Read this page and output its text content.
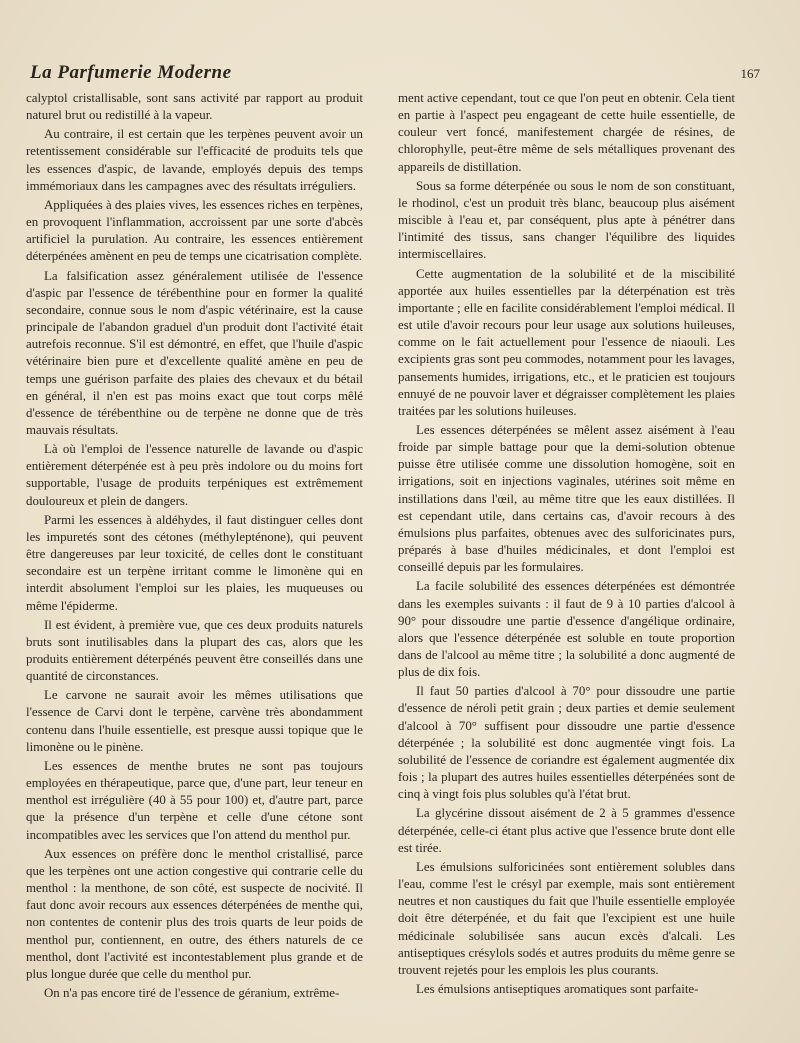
La Parfumerie Moderne	167

calyptol cristallisable, sont sans activité par rapport au produit naturel brut ou redistillé à la vapeur.

Au contraire, il est certain que les terpènes peuvent avoir un retentissement considérable sur l'efficacité de produits tels que les essences d'aspic, de lavande, employés depuis des temps immémoriaux dans les campagnes avec des résultats irréguliers.

Appliquées à des plaies vives, les essences riches en terpènes, en provoquent l'inflammation, accroissent par une sorte d'abcès artificiel la purulation. Au contraire, les essences entièrement déterpénées amènent en peu de temps une cicatrisation complète.

La falsification assez généralement utilisée de l'essence d'aspic par l'essence de térébenthine pour en former la qualité secondaire, connue sous le nom d'aspic vétérinaire, est la cause principale de l'abandon graduel d'un produit dont l'activité était autrefois reconnue. S'il est démontré, en effet, que l'huile d'aspic vétérinaire bien pure et d'excellente qualité amène en peu de temps une guérison parfaite des plaies des chevaux et du bétail en général, il n'en est pas moins exact que tout corps mêlé d'essence de térébenthine ou de terpène ne donne que de très mauvais résultats.

Là où l'emploi de l'essence naturelle de lavande ou d'aspic entièrement déterpénée est à peu près indolore ou du moins fort supportable, l'usage de produits terpéniques est extrêmement douloureux et plein de dangers.

Parmi les essences à aldéhydes, il faut distinguer celles dont les impuretés sont des cétones (méthylepténone), qui peuvent être dangereuses par leur toxicité, de celles dont le constituant secondaire est un terpène irritant comme le limonène qui en interdit absolument l'emploi sur les plaies, les muqueuses ou même l'épiderme.

Il est évident, à première vue, que ces deux produits naturels bruts sont inutilisables dans la plupart des cas, alors que les produits entièrement déterpénés peuvent être conseillés dans une quantité de circonstances.

Le carvone ne saurait avoir les mêmes utilisations que l'essence de Carvi dont le terpène, carvène très abondamment contenu dans l'huile essentielle, est presque aussi topique que le limonène ou le pinène.

Les essences de menthe brutes ne sont pas toujours employées en thérapeutique, parce que, d'une part, leur teneur en menthol est irrégulière (40 à 55 pour 100) et, d'autre part, parce que la présence d'un terpène et celle d'une cétone sont incompatibles avec les services que l'on attend du menthol pur.

Aux essences on préfère donc le menthol cristallisé, parce que les terpènes ont une action congestive qui contrarie celle du menthol : la menthone, de son côté, est suspecte de nocivité. Il faut donc avoir recours aux essences déterpénées de menthe qui, non contentes de contenir plus des trois quarts de leur poids de menthol pur, contiennent, en outre, des éthers naturels de ce menthol, dont l'activité est incontestablement plus grande et de plus longue durée que celle du menthol pur.

On n'a pas encore tiré de l'essence de géranium, extrême-

ment active cependant, tout ce que l'on peut en obtenir. Cela tient en partie à l'aspect peu engageant de cette huile essentielle, de couleur vert foncé, manifestement chargée de résines, de chlorophylle, peut-être même de sels métalliques provenant des appareils de distillation.

Sous sa forme déterpénée ou sous le nom de son constituant, le rhodinol, c'est un produit très blanc, beaucoup plus aisément miscible à l'eau et, par conséquent, plus apte à pénétrer dans l'intimité des tissus, sans changer l'équilibre des liquides intermiscellaires.

Cette augmentation de la solubilité et de la miscibilité apportée aux huiles essentielles par la déterpénation est très importante ; elle en facilite considérablement l'emploi médical. Il est utile d'avoir recours pour leur usage aux solutions huileuses, comme on le fait actuellement pour l'essence de niaouli. Les excipients gras sont peu commodes, notamment pour les lavages, pansements humides, irrigations, etc., et le praticien est toujours ennuyé de ne pouvoir laver et dégraisser complètement les plaies traitées par les solutions huileuses.

Les essences déterpénées se mêlent assez aisément à l'eau froide par simple battage pour que la demi-solution obtenue puisse être utilisée comme une dissolution homogène, soit en irrigations, soit en injections vaginales, utérines soit même en instillations dans l'œil, au même titre que les eaux distillées. Il est cependant utile, dans certains cas, d'avoir recours à des émulsions plus parfaites, obtenues avec des sulforicinates purs, préparés à base d'huiles médicinales, et dont l'emploi est conseillé depuis par les formulaires.

La facile solubilité des essences déterpénées est démontrée dans les exemples suivants : il faut de 9 à 10 parties d'alcool à 90° pour dissoudre une partie d'essence d'angélique ordinaire, alors que l'essence déterpénée est soluble en toute proportion dans de l'alcool au même titre ; la solubilité a donc augmenté de plus de dix fois.

Il faut 50 parties d'alcool à 70° pour dissoudre une partie d'essence de néroli petit grain ; deux parties et demie seulement d'alcool à 70° suffisent pour dissoudre une partie d'essence déterpénée ; la solubilité est donc augmentée vingt fois. La solubilité de l'essence de coriandre est également augmentée dix fois ; la plupart des autres huiles essentielles déterpénées sont de cinq à vingt fois plus solubles qu'à l'état brut.

La glycérine dissout aisément de 2 à 5 grammes d'essence déterpénée, celle-ci étant plus active que l'essence brute dont elle est tirée.

Les émulsions sulforicinées sont entièrement solubles dans l'eau, comme l'est le crésyl par exemple, mais sont entièrement neutres et non caustiques du fait que l'huile essentielle employée doit être déterpénée, et du fait que l'excipient est une huile médicinale solubilisée sans aucun excès d'alcali. Les antiseptiques crésylols sodés et autres produits du même genre se trouvent rejetés pour les emplois les plus courants.

Les émulsions antiseptiques aromatiques sont parfaite-
